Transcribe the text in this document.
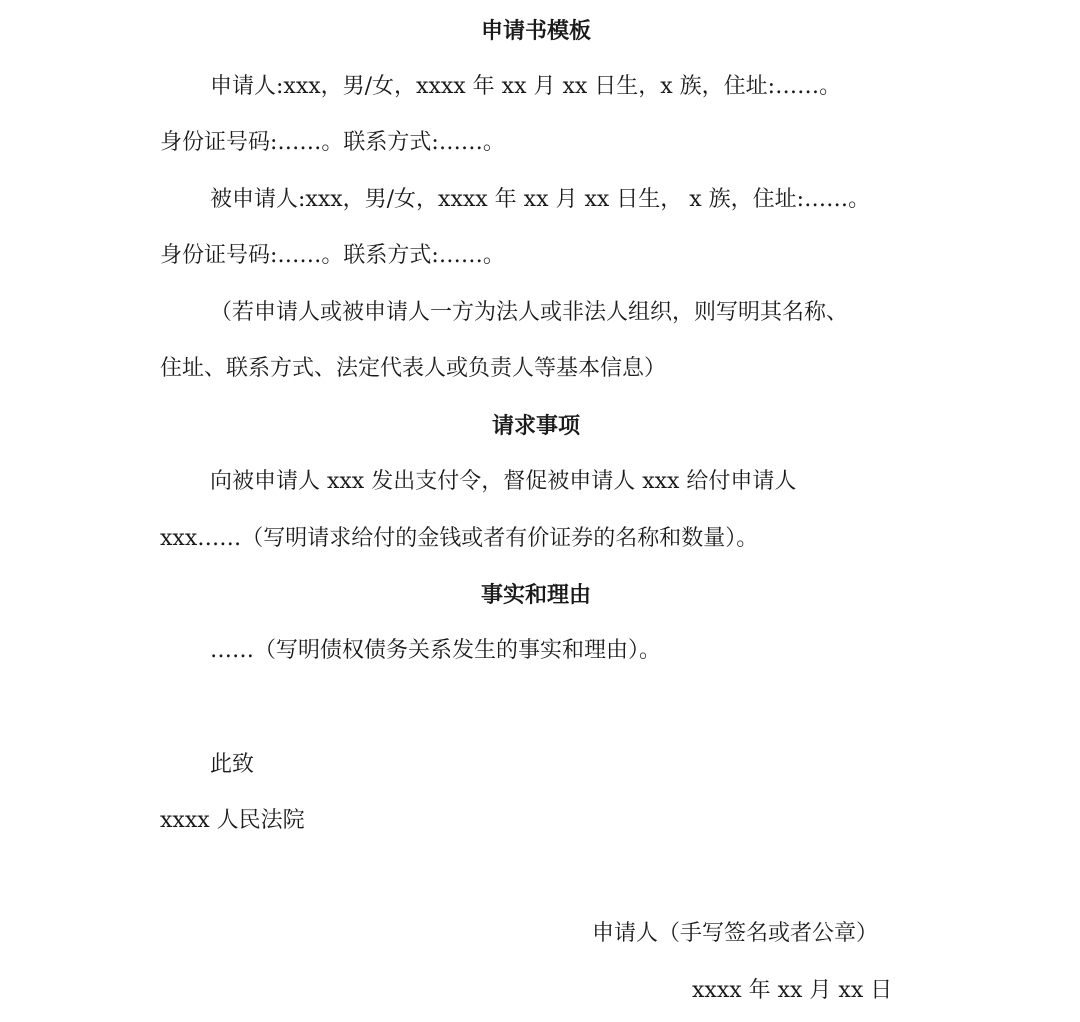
申请书模板
申请人:xxx，男/女，xxxx 年 xx 月 xx 日生，x 族，住址:……。
身份证号码:……。联系方式:……。
被申请人:xxx，男/女，xxxx 年 xx 月 xx 日生， x 族，住址:……。
身份证号码:……。联系方式:……。
（若申请人或被申请人一方为法人或非法人组织，则写明其名称、
住址、联系方式、法定代表人或负责人等基本信息）
请求事项
向被申请人 xxx 发出支付令，督促被申请人 xxx 给付申请人
xxx……（写明请求给付的金钱或者有价证券的名称和数量）。
事实和理由
……（写明债权债务关系发生的事实和理由）。
此致
xxxx 人民法院
申请人（手写签名或者公章）
xxxx 年 xx 月 xx 日
